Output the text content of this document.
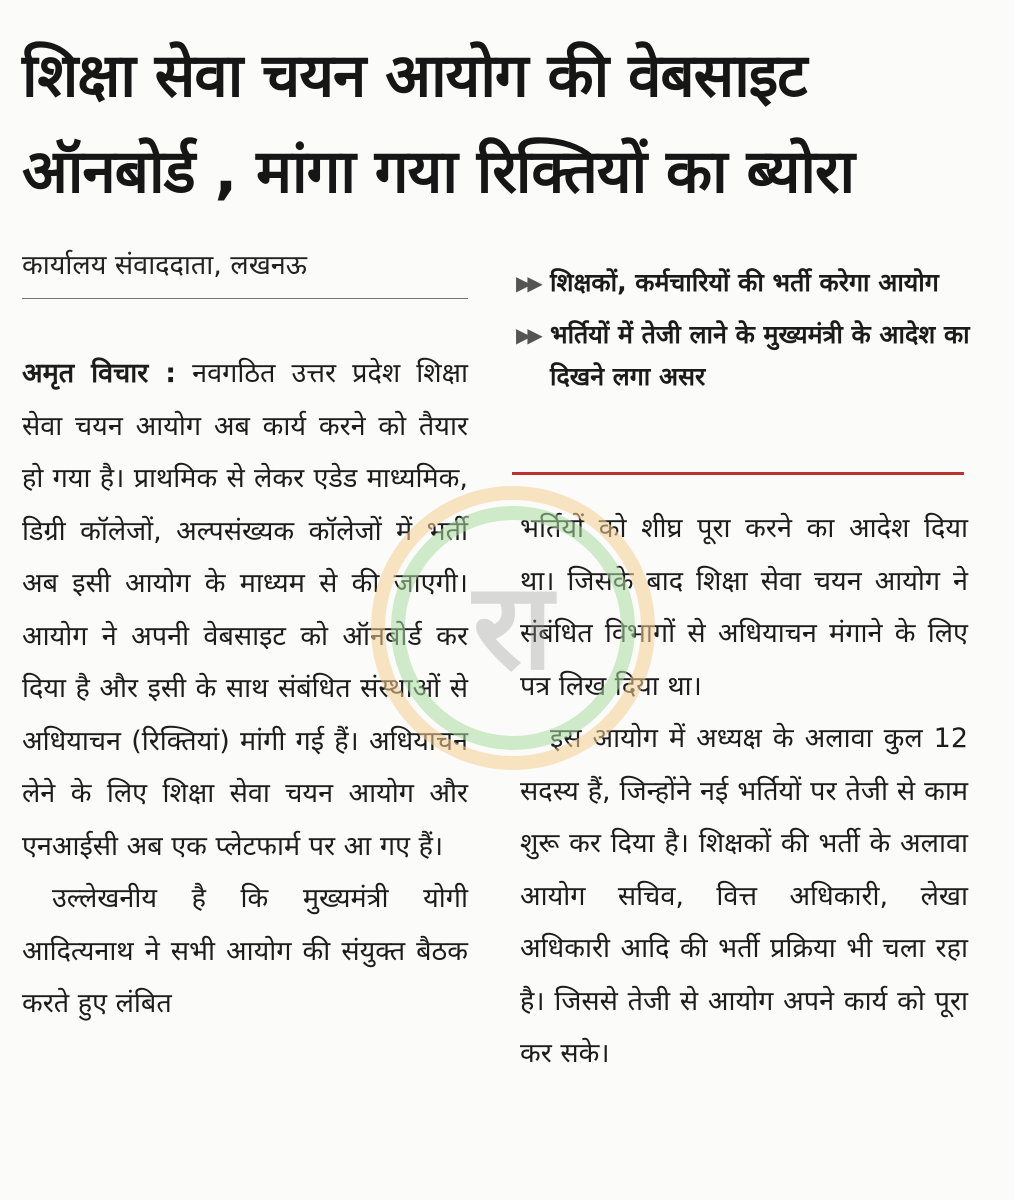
शिक्षा सेवा चयन आयोग की वेबसाइट
ऑनबोर्ड , मांगा गया रिक्तियों का ब्योरा
कार्यालय संवाददाता, लखनऊ
▶▶ शिक्षकों, कर्मचारियों की भर्ती करेगा आयोग
▶▶ भर्तियों में तेजी लाने के मुख्यमंत्री के आदेश का दिखने लगा असर

अमृत विचार : नवगठित उत्तर प्रदेश शिक्षा सेवा चयन आयोग अब कार्य करने को तैयार हो गया है। प्राथमिक से लेकर एडेड माध्यमिक, डिग्री कॉलेजों, अल्पसंख्यक कॉलेजों में भर्ती अब इसी आयोग के माध्यम से की जाएगी। आयोग ने अपनी वेबसाइट को ऑनबोर्ड कर दिया है और इसी के साथ संबंधित संस्थाओं से अधियाचन (रिक्तियां) मांगी गई हैं। अधियाचन लेने के लिए शिक्षा सेवा चयन आयोग और एनआईसी अब एक प्लेटफार्म पर आ गए हैं।

उल्लेखनीय है कि मुख्यमंत्री योगी आदित्यनाथ ने सभी आयोग की संयुक्त बैठक करते हुए लंबित

भर्तियों को शीघ्र पूरा करने का आदेश दिया था। जिसके बाद शिक्षा सेवा चयन आयोग ने संबंधित विभागों से अधियाचन मंगाने के लिए पत्र लिख दिया था।

इस आयोग में अध्यक्ष के अलावा कुल 12 सदस्य हैं, जिन्होंने नई भर्तियों पर तेजी से काम शुरू कर दिया है। शिक्षकों की भर्ती के अलावा आयोग सचिव, वित्त अधिकारी, लेखा अधिकारी आदि की भर्ती प्रक्रिया भी चला रहा है। जिससे तेजी से आयोग अपने कार्य को पूरा कर सके।

रा
